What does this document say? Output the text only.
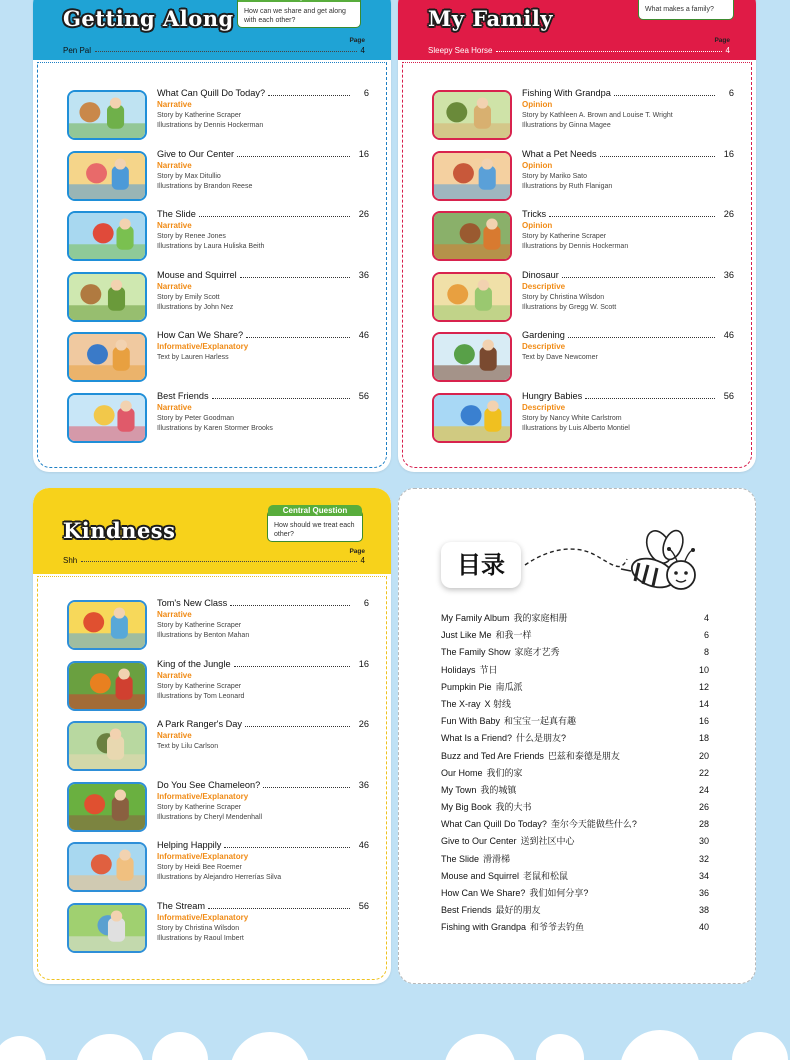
Getting Along How can we share and get along with each other?
Page
Pen Pal	4
What Can Quill Do Today?	6
Narrative
Story by Katherine Scraper
Illustrations by Dennis Hockerman
Give to Our Center	16
Narrative
Story by Max Ditullio
Illustrations by Brandon Reese
The Slide	26
Narrative
Story by Renee Jones
Illustrations by Laura Huliska Beith
Mouse and Squirrel	36
Narrative
Story by Emily Scott
Illustrations by John Nez
How Can We Share?	46
Informative/Explanatory
Text by Lauren Harless
Best Friends	56
Narrative
Story by Peter Goodman
Illustrations by Karen Stormer Brooks
My Family	What makes a family?
Page
Sleepy Sea Horse	4
Fishing With Grandpa	6
Opinion
Story by Kathleen A. Brown and Louise T. Wright
Illustrations by Ginna Magee
What a Pet Needs	16
Opinion
Story by Mariko Sato
Illustrations by Ruth Flanigan
Tricks	26
Opinion
Story by Katherine Scraper
Illustrations by Dennis Hockerman
Dinosaur	36
Descriptive
Story by Christina Wilsdon
Illustrations by Gregg W. Scott
Gardening	46
Descriptive
Text by Dave Newcomer
Hungry Babies	56
Descriptive
Story by Nancy White Carlstrom
Illustrations by Luis Alberto Montiel
Kindness
Central Question
How should we treat each other?
Page
Shh	4
Tom's New Class	6
Narrative
Story by Katherine Scraper
Illustrations by Benton Mahan
King of the Jungle	16
Narrative
Story by Katherine Scraper
Illustrations by Tom Leonard
A Park Ranger's Day	26
Narrative
Text by Lilu Carlson
Do You See Chameleon?	36
Informative/Explanatory
Story by Katherine Scraper
Illustrations by Cheryl Mendenhall
Helping Happily	46
Informative/Explanatory
Story by Heidi Bee Roemer
Illustrations by Alejandro Herrerías Silva
The Stream	56
Informative/Explanatory
Story by Christina Wilsdon
Illustrations by Raoul Imbert
目录
My Family Album 我的家庭相册	4
Just Like Me 和我一样	6
The Family Show 家庭才艺秀	8
Holidays 节日	10
Pumpkin Pie 南瓜派	12
The X-ray X 射线	14
Fun With Baby 和宝宝一起真有趣	16
What Is a Friend? 什么是朋友?	18
Buzz and Ted Are Friends 巴兹和泰德是朋友	20
Our Home 我们的家	22
My Town 我的城镇	24
My Big Book 我的大书	26
What Can Quill Do Today? 奎尔今天能做些什么?	28
Give to Our Center 送到社区中心	30
The Slide 滑滑梯	32
Mouse and Squirrel 老鼠和松鼠	34
How Can We Share? 我们如何分享?	36
Best Friends 最好的朋友	38
Fishing with Grandpa 和爷爷去钓鱼	40
